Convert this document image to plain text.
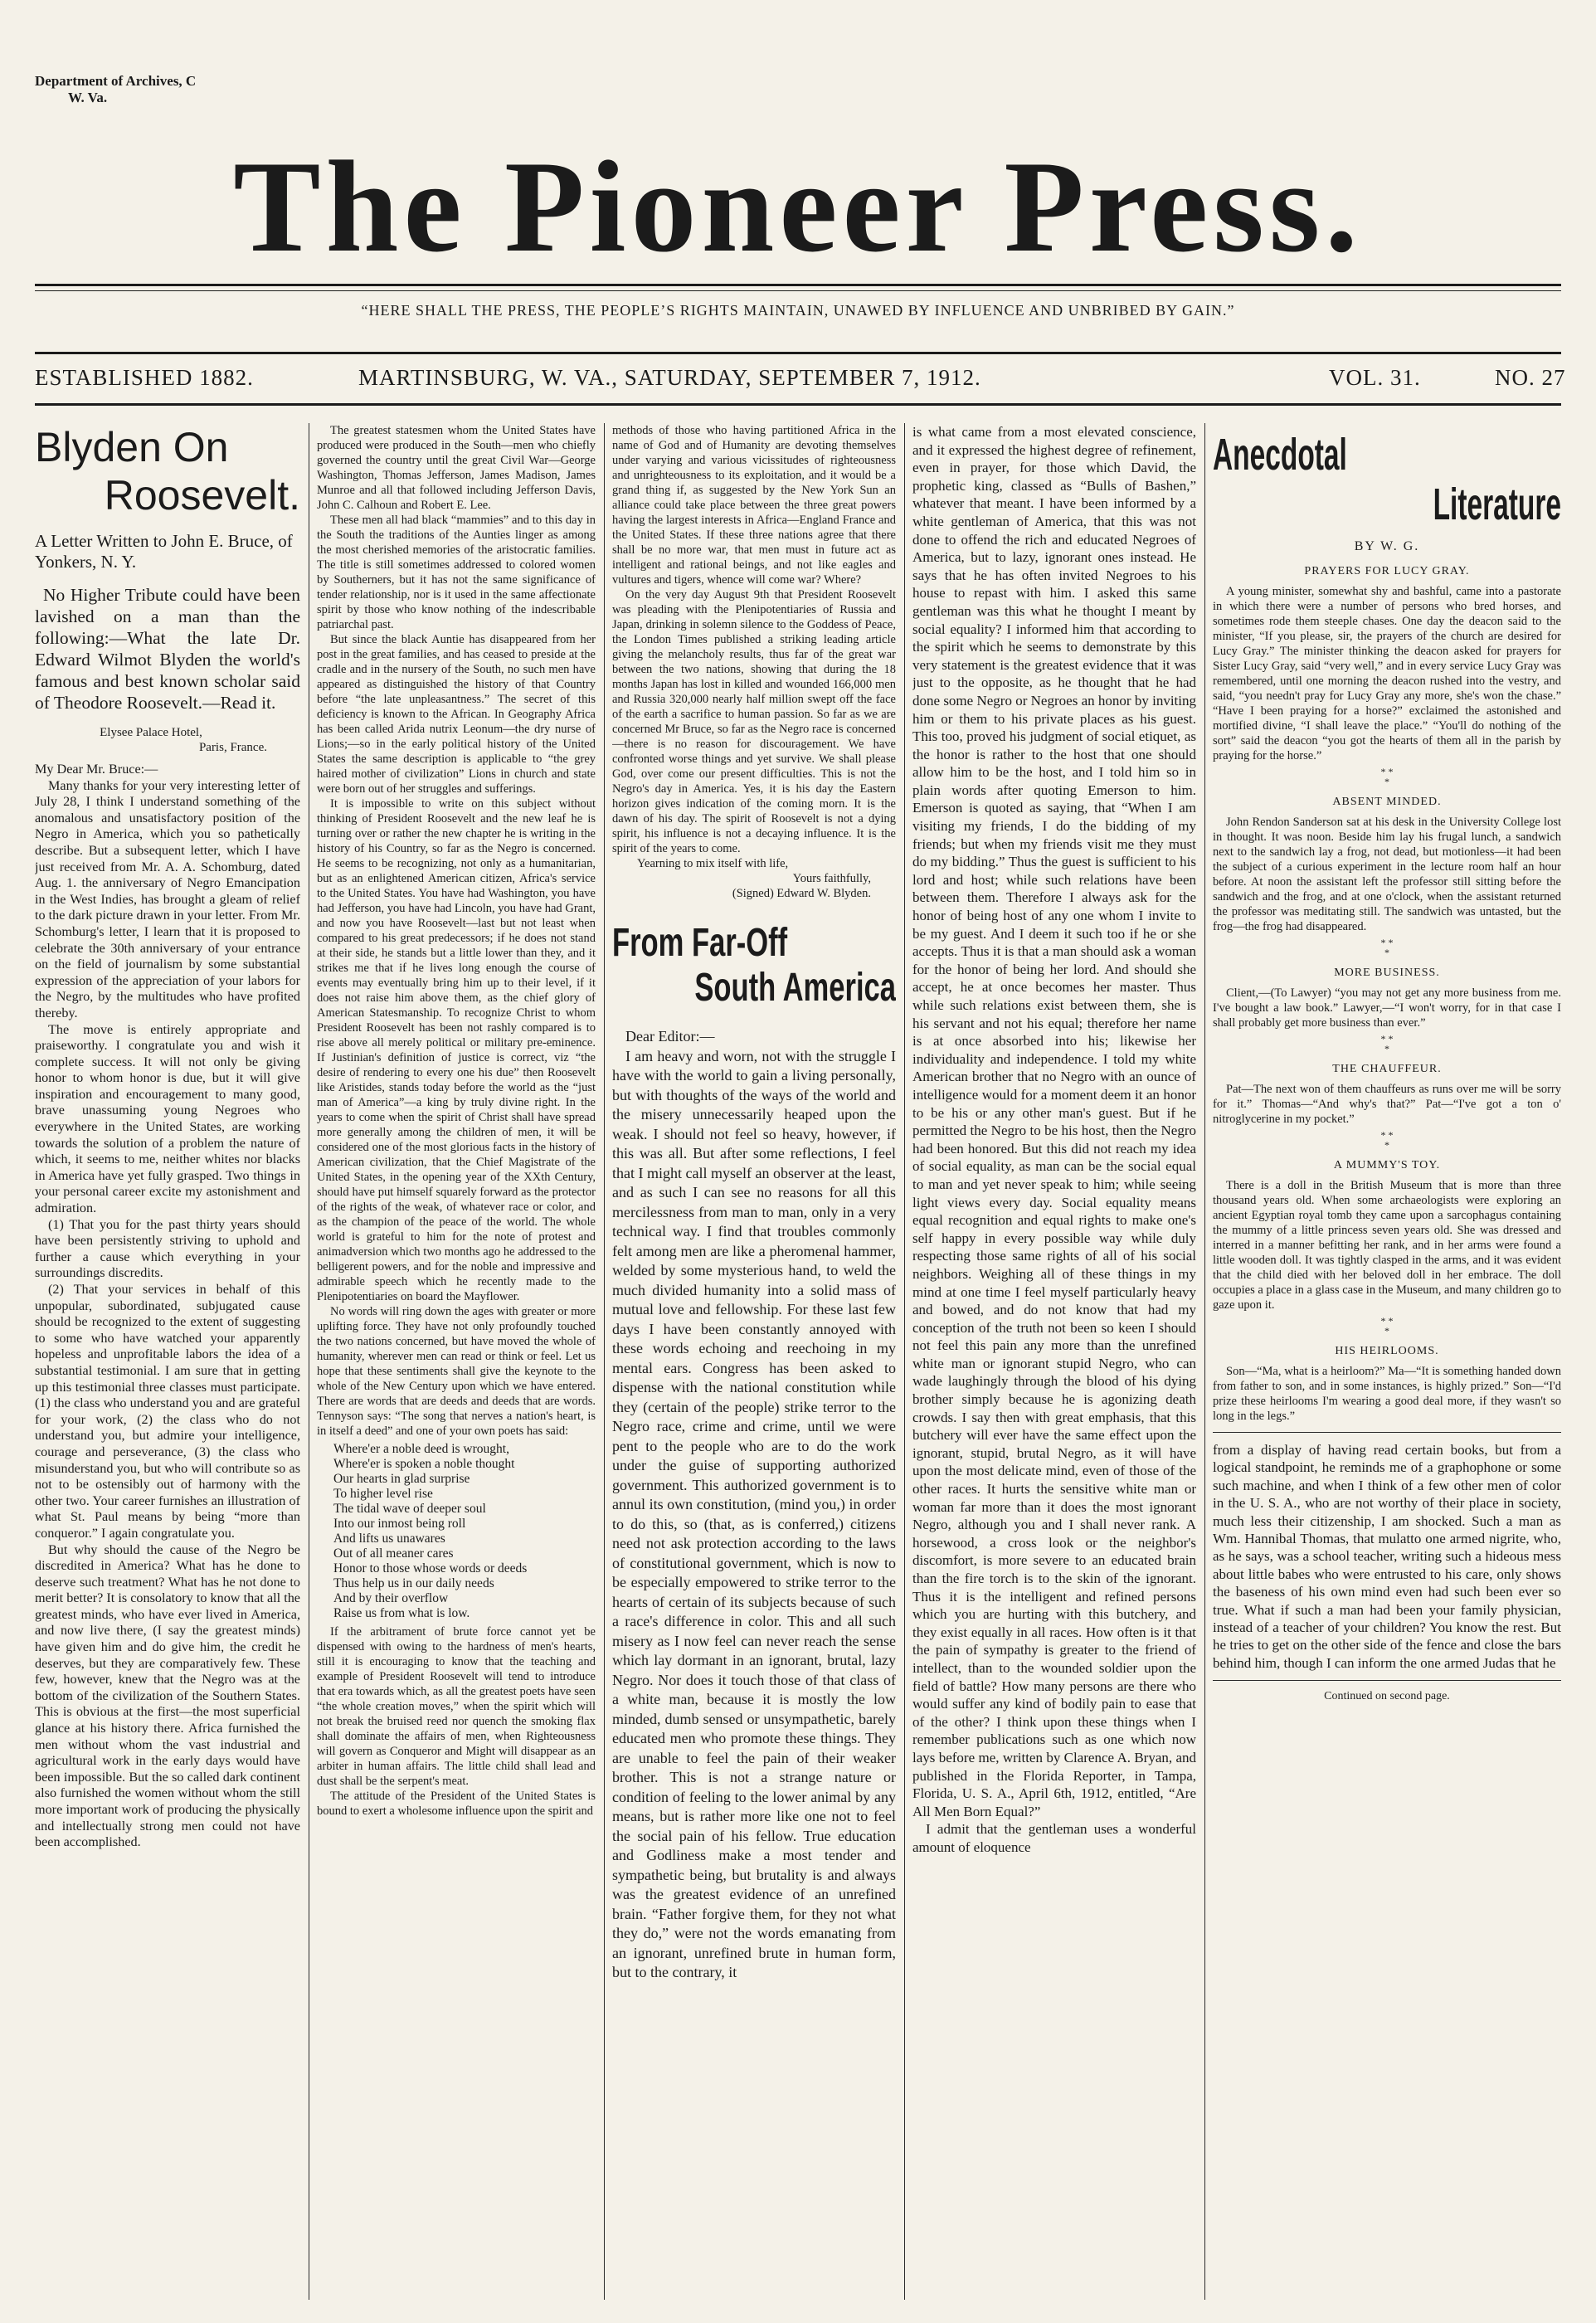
Department of Archives, C
W. Va.
The Pioneer Press.
“HERE SHALL THE PRESS, THE PEOPLE’S RIGHTS MAINTAIN, UNAWED BY INFLUENCE AND UNBRIBED BY GAIN.”
ESTABLISHED 1882.	MARTINSBURG, W. VA., SATURDAY, SEPTEMBER 7, 1912.	VOL. 31.	NO. 27
Blyden On
Roosevelt.
A Letter Written to John E. Bruce, of Yonkers, N. Y.
No Higher Tribute could have been lavished on a man than the following:—What the late Dr. Edward Wilmot Blyden the world's famous and best known scholar said of Theodore Roosevelt.—Read it.
Elysee Palace Hotel,
Paris, France.

My Dear Mr. Bruce:—

Many thanks for your very interesting letter of July 28, I think I understand something of the anomalous and unsatisfactory position of the Negro in America, which you so pathetically describe. But a subsequent letter, which I have just received from Mr. A. A. Schomburg, dated Aug. 1. the anniversary of Negro Emancipation in the West Indies, has brought a gleam of relief to the dark picture drawn in your letter. From Mr. Schomburg's letter, I learn that it is proposed to celebrate the 30th anniversary of your entrance on the field of journalism by some substantial expression of the appreciation of your labors for the Negro, by the multitudes who have profited thereby.

The move is entirely appropriate and praiseworthy. I congratulate you and wish it complete success. It will not only be giving honor to whom honor is due, but it will give inspiration and encouragement to many good, brave unassuming young Negroes who everywhere in the United States, are working towards the solution of a problem the nature of which, it seems to me, neither whites nor blacks in America have yet fully grasped. Two things in your personal career excite my astonishment and admiration.

(1) That you for the past thirty years should have been persistently striving to uphold and further a cause which everything in your surroundings discredits.

(2) That your services in behalf of this unpopular, subordinated, subjugated cause should be recognized to the extent of suggesting to some who have watched your apparently hopeless and unprofitable labors the idea of a substantial testimonial. I am sure that in getting up this testimonial three classes must participate. (1) the class who understand you and are grateful for your work, (2) the class who do not understand you, but admire your intelligence, courage and perseverance, (3) the class who misunderstand you, but who will contribute so as not to be ostensibly out of harmony with the other two. Your career furnishes an illustration of what St. Paul means by being “more than conqueror.” I again congratulate you.

But why should the cause of the Negro be discredited in America? What has he done to deserve such treatment? What has he not done to merit better? It is consolatory to know that all the greatest minds, who have ever lived in America, and now live there, (I say the greatest minds) have given him and do give him, the credit he deserves, but they are comparatively few. These few, however, knew that the Negro was at the bottom of the civilization of the Southern States. This is obvious at the first—the most superficial glance at his history there. Africa furnished the men without whom the vast industrial and agricultural work in the early days would have been impossible. But the so called dark continent also furnished the women without whom the still more important work of producing the physically and intellectually strong men could not have been accomplished.

The greatest statesmen whom the United States have produced were produced in the South—men who chiefly governed the country until the great Civil War—George Washington, Thomas Jefferson, James Madison, James Munroe and all that followed including Jefferson Davis, John C. Calhoun and Robert E. Lee.

These men all had black “mammies” and to this day in the South the traditions of the Aunties linger as among the most cherished memories of the aristocratic families. The title is still sometimes addressed to colored women by Southerners, but it has not the same significance of tender relationship, nor is it used in the same affectionate spirit by those who know nothing of the indescribable patriarchal past.

But since the black Auntie has disappeared from her post in the great families, and has ceased to preside at the cradle and in the nursery of the South, no such men have appeared as distinguished the history of that Country before “the late unpleasantness.” The secret of this deficiency is known to the African. In Geography Africa has been called Arida nutrix Leonum—the dry nurse of Lions;—so in the early political history of the United States the same description is applicable to “the grey haired mother of civilization” Lions in church and state were born out of her struggles and sufferings.

It is impossible to write on this subject without thinking of President Roosevelt and the new leaf he is turning over or rather the new chapter he is writing in the history of his Country, so far as the Negro is concerned. He seems to be recognizing, not only as a humanitarian, but as an enlightened American citizen, Africa's service to the United States. You have had Washington, you have had Jefferson, you have had Lincoln, you have had Grant, and now you have Roosevelt—last but not least when compared to his great predecessors; if he does not stand at their side, he stands but a little lower than they, and it strikes me that if he lives long enough the course of events may eventually bring him up to their level, if it does not raise him above them, as the chief glory of American Statesmanship. To recognize Christ to whom President Roosevelt has been not rashly compared is to rise above all merely political or military pre-eminence. If Justinian's definition of justice is correct, viz “the desire of rendering to every one his due” then Roosevelt like Aristides, stands today before the world as the “just man of America”—a king by truly divine right. In the years to come when the spirit of Christ shall have spread more generally among the children of men, it will be considered one of the most glorious facts in the history of American civilization, that the Chief Magistrate of the United States, in the opening year of the XXth Century, should have put himself squarely forward as the protector of the rights of the weak, of whatever race or color, and as the champion of the peace of the world. The whole world is grateful to him for the note of protest and animadversion which two months ago he addressed to the belligerent powers, and for the noble and impressive and admirable speech which he recently made to the Plenipotentiaries on board the Mayflower.

No words will ring down the ages with greater or more uplifting force. They have not only profoundly touched the two nations concerned, but have moved the whole of humanity, wherever men can read or think or feel. Let us hope that these sentiments shall give the keynote to the whole of the New Century upon which we have entered. There are words that are deeds and deeds that are words. Tennyson says: “The song that nerves a nation's heart, is in itself a deed” and one of your own poets has said:

Where'er a noble deed is wrought,
Where'er is spoken a noble thought
Our hearts in glad surprise
To higher level rise
The tidal wave of deeper soul
Into our inmost being roll
And lifts us unawares
Out of all meaner cares
Honor to those whose words or deeds
Thus help us in our daily needs
And by their overflow
Raise us from what is low.

If the arbitrament of brute force cannot yet be dispensed with owing to the hardness of men's hearts, still it is encouraging to know that the teaching and example of President Roosevelt will tend to introduce that era towards which, as all the greatest poets have seen “the whole creation moves,” when the spirit which will not break the bruised reed nor quench the smoking flax shall dominate the affairs of men, when Righteousness will govern as Conqueror and Might will disappear as an arbiter in human affairs. The little child shall lead and dust shall be the serpent's meat.

The attitude of the President of the United States is bound to exert a wholesome influence upon the spirit and

methods of those who having partitioned Africa in the name of God and of Humanity are devoting themselves under varying and various vicissitudes of righteousness and unrighteousness to its exploitation, and it would be a grand thing if, as suggested by the New York Sun an alliance could take place between the three great powers having the largest interests in Africa—England France and the United States. If these three nations agree that there shall be no more war, that men must in future act as intelligent and rational beings, and not like eagles and vultures and tigers, whence will come war? Where?

On the very day August 9th that President Roosevelt was pleading with the Plenipotentiaries of Russia and Japan, drinking in solemn silence to the Goddess of Peace, the London Times published a striking leading article giving the melancholy results, thus far of the great war between the two nations, showing that during the 18 months Japan has lost in killed and wounded 166,000 men and Russia 320,000 nearly half million swept off the face of the earth a sacrifice to human passion. So far as we are concerned Mr Bruce, so far as the Negro race is concerned—there is no reason for discouragement. We have confronted worse things and yet survive. We shall please God, over come our present difficulties. This is not the Negro's day in America. Yes, it is his day the Eastern horizon gives indication of the coming morn. It is the dawn of his day. The spirit of Roosevelt is not a dying spirit, his influence is not a decaying influence. It is the spirit of the years to come.

Yearning to mix itself with life,

Yours faithfully,

(Signed) Edward W. Blyden.

From Far-Off
South America

Dear Editor:—

I am heavy and worn, not with the struggle I have with the world to gain a living personally, but with thoughts of the ways of the world and the misery unnecessarily heaped upon the weak. I should not feel so heavy, however, if this was all. But after some reflections, I feel that I might call myself an observer at the least, and as such I can see no reasons for all this mercilessness from man to man, only in a very technical way. I find that troubles commonly felt among men are like a pheromenal hammer, welded by some mysterious hand, to weld the much divided humanity into a solid mass of mutual love and fellowship. For these last few days I have been constantly annoyed with these words echoing and reechoing in my mental ears. Congress has been asked to dispense with the national constitution while they (certain of the people) strike terror to the Negro race, crime and crime, until we were pent to the people who are to do the work under the guise of supporting authorized government. This authorized government is to annul its own constitution, (mind you,) in order to do this, so (that, as is conferred,) citizens need not ask protection according to the laws of constitutional government, which is now to be especially empowered to strike terror to the hearts of certain of its subjects because of such a race's difference in color. This and all such misery as I now feel can never reach the sense which lay dormant in an ignorant, brutal, lazy Negro. Nor does it touch those of that class of a white man, because it is mostly the low minded, dumb sensed or unsympathetic, barely educated men who promote these things. They are unable to feel the pain of their weaker brother. This is not a strange nature or condition of feeling to the lower animal by any means, but is rather more like one not to feel the social pain of his fellow. True education and Godliness make a most tender and sympathetic being, but brutality is and always was the greatest evidence of an unrefined brain. “Father forgive them, for they not what they do,” were not the words emanating from an ignorant, unrefined brute in human form, but to the contrary, it

is what came from a most elevated conscience, and it expressed the highest degree of refinement, even in prayer, for those which David, the prophetic king, classed as “Bulls of Bashen,” whatever that meant. I have been informed by a white gentleman of America, that this was not done to offend the rich and educated Negroes of America, but to lazy, ignorant ones instead. He says that he has often invited Negroes to his house to repast with him. I asked this same gentleman was this what he thought I meant by social equality? I informed him that according to the spirit which he seems to demonstrate by this very statement is the greatest evidence that it was just to the opposite, as he thought that he had done some Negro or Negroes an honor by inviting him or them to his private places as his guest. This too, proved his judgment of social etiquet, as the honor is rather to the host that one should allow him to be the host, and I told him so in plain words after quoting Emerson to him. Emerson is quoted as saying, that “When I am visiting my friends, I do the bidding of my friends; but when my friends visit me they must do my bidding.” Thus the guest is sufficient to his lord and host; while such relations have been between them. Therefore I always ask for the honor of being host of any one whom I invite to be my guest. And I deem it such too if he or she accepts. Thus it is that a man should ask a woman for the honor of being her lord. And should she accept, he at once becomes her master. Thus while such relations exist between them, she is his servant and not his equal; therefore her name is at once absorbed into his; likewise her individuality and independence. I told my white American brother that no Negro with an ounce of intelligence would for a moment deem it an honor to be his or any other man's guest. But if he permitted the Negro to be his host, then the Negro had been honored. But this did not reach my idea of social equality, as man can be the social equal to man and yet never speak to him; while seeing light views every day. Social equality means equal recognition and equal rights to make one's self happy in every possible way while duly respecting those same rights of all of his social neighbors. Weighing all of these things in my mind at one time I feel myself particularly heavy and bowed, and do not know that had my conception of the truth not been so keen I should not feel this pain any more than the unrefined white man or ignorant stupid Negro, who can wade laughingly through the blood of his dying brother simply because he is agonizing death crowds. I say then with great emphasis, that this butchery will ever have the same effect upon the ignorant, stupid, brutal Negro, as it will have upon the most delicate mind, even of those of the other races. It hurts the sensitive white man or woman far more than it does the most ignorant Negro, although you and I shall never rank. A horsewood, a cross look or the neighbor's discomfort, is more severe to an educated brain than the fire torch is to the skin of the ignorant. Thus it is the intelligent and refined persons which you are hurting with this butchery, and they exist equally in all races. How often is it that the pain of sympathy is greater to the friend of intellect, than to the wounded soldier upon the field of battle? How many persons are there who would suffer any kind of bodily pain to ease that of the other? I think upon these things when I remember publications such as one which now lays before me, written by Clarence A. Bryan, and published in the Florida Reporter, in Tampa, Florida, U. S. A., April 6th, 1912, entitled, “Are All Men Born Equal?”

I admit that the gentleman uses a wonderful amount of eloquence

Anecdotal
Literature
BY W. G.
PRAYERS FOR LUCY GRAY.

A young minister, somewhat shy and bashful, came into a pastorate in which there were a number of persons who bred horses, and sometimes rode them steeple chases. One day the deacon said to the minister, “If you please, sir, the prayers of the church are desired for Lucy Gray.” The minister thinking the deacon asked for prayers for Sister Lucy Gray, said “very well,” and in every service Lucy Gray was remembered, until one morning the deacon rushed into the vestry, and said, “you needn't pray for Lucy Gray any more, she's won the chase.” “Have I been praying for a horse?” exclaimed the astonished and mortified divine, “I shall leave the place.” “You'll do nothing of the sort” said the deacon “you got the hearts of them all in the parish by praying for the horse.”

* *
*
ABSENT MINDED.

John Rendon Sanderson sat at his desk in the University College lost in thought. It was noon. Beside him lay his frugal lunch, a sandwich next to the sandwich lay a frog, not dead, but motionless—it had been the subject of a curious experiment in the lecture room half an hour before. At noon the assistant left the professor still sitting before the sandwich and the frog, and at one o'clock, when the assistant returned the professor was meditating still. The sandwich was untasted, but the frog—the frog had disappeared.

* *
*
MORE BUSINESS.

Client,—(To Lawyer) “you may not get any more business from me. I've bought a law book.” Lawyer,—“I won't worry, for in that case I shall probably get more business than ever.”

* *
*
THE CHAUFFEUR.

Pat—The next won of them chauffeurs as runs over me will be sorry for it.” Thomas—“And why's that?” Pat—“I've got a ton o' nitroglycerine in my pocket.”

* *
*
A MUMMY'S TOY.

There is a doll in the British Museum that is more than three thousand years old. When some archaeologists were exploring an ancient Egyptian royal tomb they came upon a sarcophagus containing the mummy of a little princess seven years old. She was dressed and interred in a manner befitting her rank, and in her arms were found a little wooden doll. It was tightly clasped in the arms, and it was evident that the child died with her beloved doll in her embrace. The doll occupies a place in a glass case in the Museum, and many children go to gaze upon it.

* *
*
HIS HEIRLOOMS.

Son—“Ma, what is a heirloom?” Ma—“It is something handed down from father to son, and in some instances, is highly prized.” Son—“I'd prize these heirlooms I'm wearing a good deal more, if they wasn't so long in the legs.”

from a display of having read certain books, but from a logical standpoint, he reminds me of a graphophone or some such machine, and when I think of a few other men of color in the U. S. A., who are not worthy of their place in society, much less their citizenship, I am shocked. Such a man as Wm. Hannibal Thomas, that mulatto one armed nigrite, who, as he says, was a school teacher, writing such a hideous mess about little babes who were entrusted to his care, only shows the baseness of his own mind even had such been ever so true. What if such a man had been your family physician, instead of a teacher of your children? You know the rest. But he tries to get on the other side of the fence and close the bars behind him, though I can inform the one armed Judas that he

Continued on second page.
